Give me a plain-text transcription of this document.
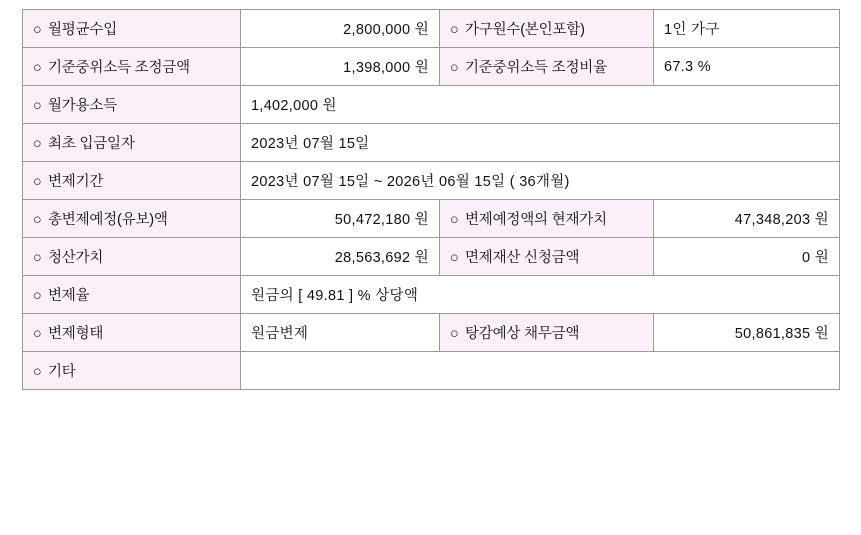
○ 월평균수입	2,800,000 원	○ 가구원수(본인포함)	1인 가구
○ 기준중위소득 조정금액	1,398,000 원	○ 기준중위소득 조정비율	67.3 %
○ 월가용소득	1,402,000 원		
○ 최초 입금일자	2023년 07월 15일		
○ 변제기간	2023년 07월 15일 ~ 2026년 06월 15일 ( 36개월)		
○ 총변제예정(유보)액	50,472,180 원	○ 변제예정액의 현재가치	47,348,203 원
○ 청산가치	28,563,692 원	○ 면제재산 신청금액	0 원
○ 변제율	원금의 [ 49.81 ] % 상당액		
○ 변제형태	원금변제	○ 탕감예상 채무금액	50,861,835 원
○ 기타			
